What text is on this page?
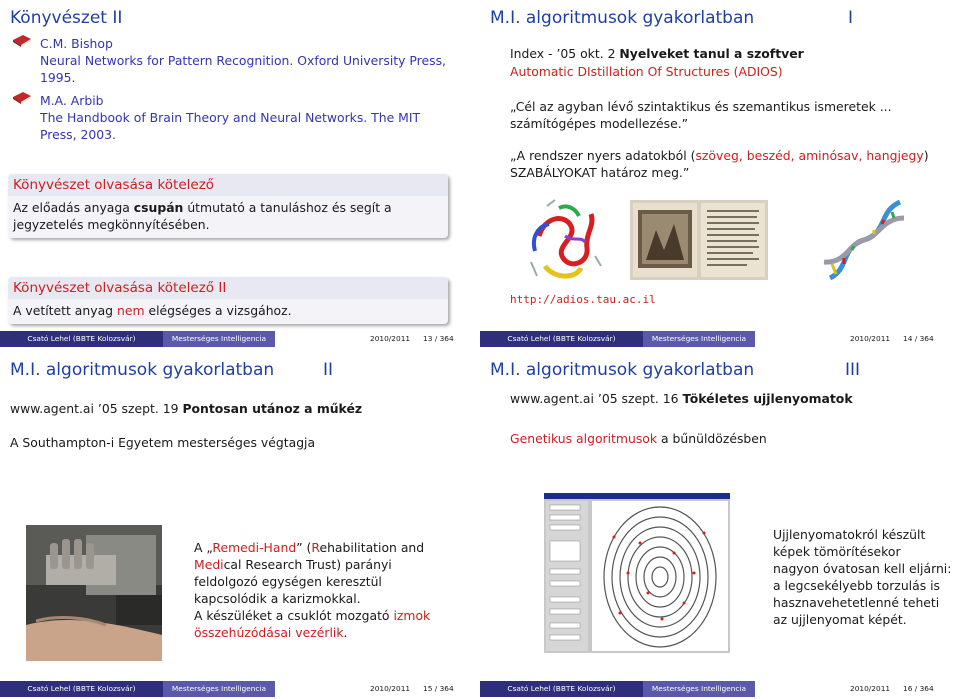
Könyvészet II
C.M. Bishop
Neural Networks for Pattern Recognition. Oxford University Press,
1995.
M.A. Arbib
The Handbook of Brain Theory and Neural Networks. The MIT
Press, 2003.
Könyvészet olvasása kötelező
Az előadás anyaga csupán útmutató a tanuláshoz és segít a
jegyzetelés megkönnyítésében.
Könyvészet olvasása kötelező II
A vetített anyag nem elégséges a vizsgához.
Csató Lehel (BBTE Kolozsvár)	Mesterséges Intelligencia	2010/2011 13 / 364
M.I. algoritmusok gyakorlatban	I
Index - ’05 okt. 2 Nyelveket tanul a szoftver
Automatic DIstillation Of Structures (ADIOS)
„Cél az agyban lévő szintaktikus és szemantikus ismeretek ...
számítógépes modellezése.”
„A rendszer nyers adatokból (szöveg, beszéd, aminósav, hangjegy)
SZABÁLYOKAT határoz meg.”
http://adios.tau.ac.il
Csató Lehel (BBTE Kolozsvár)	Mesterséges Intelligencia	2010/2011 14 / 364
M.I. algoritmusok gyakorlatban	II
www.agent.ai ’05 szept. 19 Pontosan utánoz a műkéz
A Southampton-i Egyetem mesterséges végtagja
A „Remedi-Hand” (Rehabilitation and
Medical Research Trust) parányi
feldolgozó egységen keresztül
kapcsolódik a karizmokkal.
A készüléket a csuklót mozgató izmok
összehúzódásai vezérlik.
Csató Lehel (BBTE Kolozsvár)	Mesterséges Intelligencia	2010/2011 15 / 364
M.I. algoritmusok gyakorlatban	III
www.agent.ai ’05 szept. 16 Tökéletes ujjlenyomatok
Genetikus algoritmusok a bűnüldözésben
Ujjlenyomatokról készült
képek tömörítésekor
nagyon óvatosan kell eljárni:
a legcsekélyebb torzulás is
hasznavehetetlenné teheti
az ujjlenyomat képét.
Csató Lehel (BBTE Kolozsvár)	Mesterséges Intelligencia	2010/2011 16 / 364
